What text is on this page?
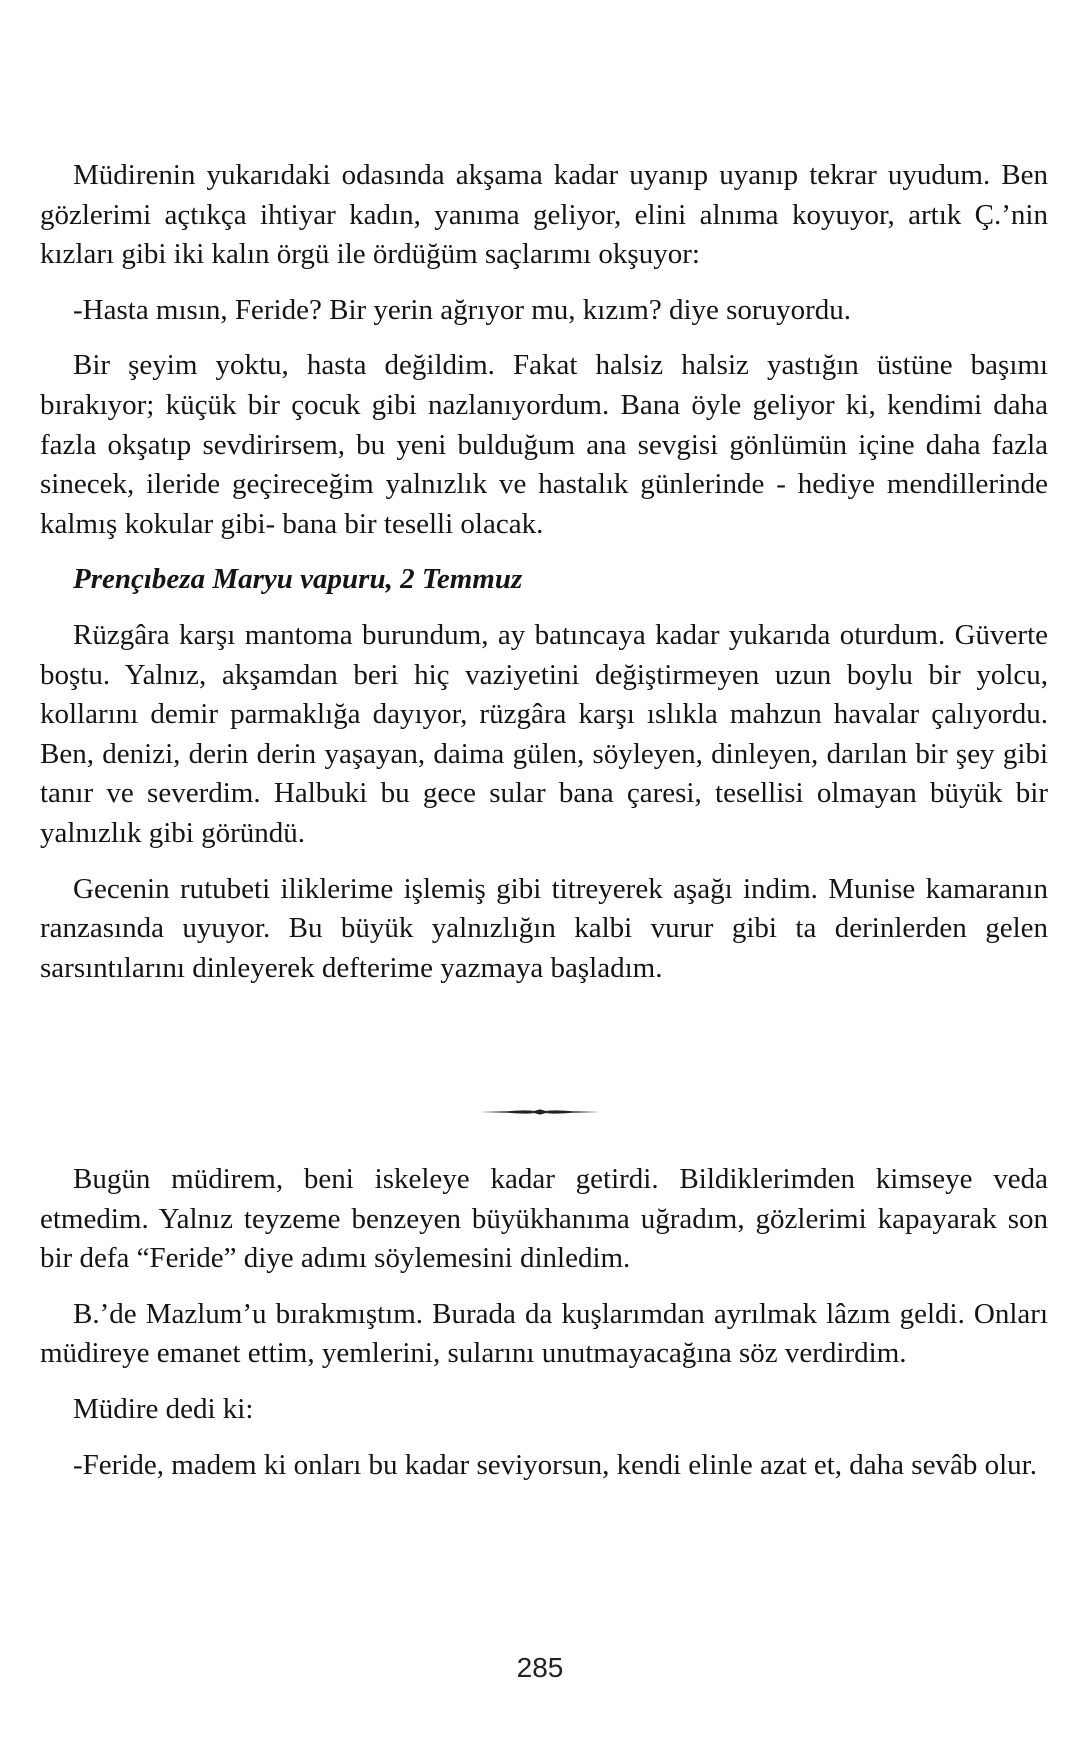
Müdirenin yukarıdaki odasında akşama kadar uyanıp uyanıp tekrar uyudum. Ben gözlerimi açtıkça ihtiyar kadın, yanıma geliyor, elini alnıma koyuyor, artık Ç.’nin kızları gibi iki kalın örgü ile ördüğüm saçlarımı okşuyor:

-Hasta mısın, Feride? Bir yerin ağrıyor mu, kızım? diye soruyordu.

Bir şeyim yoktu, hasta değildim. Fakat halsiz halsiz yastığın üstüne başımı bırakıyor; küçük bir çocuk gibi nazlanıyordum. Bana öyle geliyor ki, kendimi daha fazla okşatıp sevdirirsem, bu yeni bulduğum ana sevgisi gönlümün içine daha fazla sinecek, ileride geçireceğim yalnızlık ve hastalık günlerinde - hediye mendillerinde kalmış kokular gibi- bana bir teselli olacak.

Prençıbeza Maryu vapuru, 2 Temmuz

Rüzgâra karşı mantoma burundum, ay batıncaya kadar yukarıda oturdum. Güverte boştu. Yalnız, akşamdan beri hiç vaziyetini değiştirmeyen uzun boylu bir yolcu, kollarını demir parmaklığa dayıyor, rüzgâra karşı ıslıkla mahzun havalar çalıyordu. Ben, denizi, derin derin yaşayan, daima gülen, söyleyen, dinleyen, darılan bir şey gibi tanır ve severdim. Halbuki bu gece sular bana çaresi, tesellisi olmayan büyük bir yalnızlık gibi göründü.

Gecenin rutubeti iliklerime işlemiş gibi titreyerek aşağı indim. Munise kamaranın ranzasında uyuyor. Bu büyük yalnızlığın kalbi vurur gibi ta derinlerden gelen sarsıntılarını dinleyerek defterime yazmaya başladım.

Bugün müdirem, beni iskeleye kadar getirdi. Bildiklerimden kimseye veda etmedim. Yalnız teyzeme benzeyen büyükhanıma uğradım, gözlerimi kapayarak son bir defa “Feride” diye adımı söylemesini dinledim.

B.’de Mazlum’u bırakmıştım. Burada da kuşlarımdan ayrılmak lâzım geldi. Onları müdireye emanet ettim, yemlerini, sularını unutmayacağına söz verdirdim.

Müdire dedi ki:

-Feride, madem ki onları bu kadar seviyorsun, kendi elinle azat et, daha sevâb olur.

285
